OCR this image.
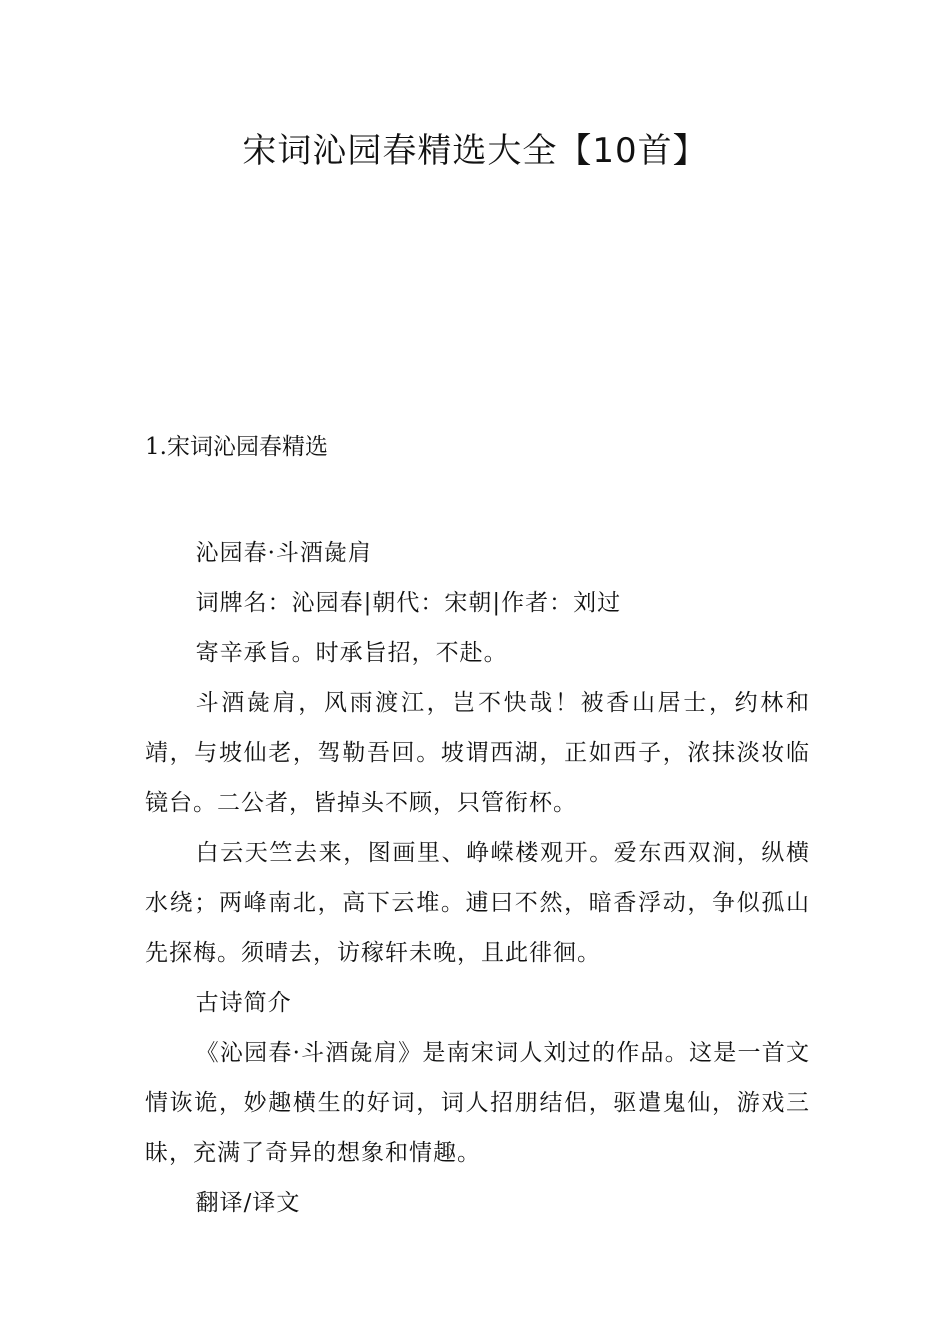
宋词沁园春精选大全【10首】
1.宋词沁园春精选

沁园春·斗酒彘肩

词牌名：沁园春|朝代：宋朝|作者：刘过

寄辛承旨。时承旨招，不赴。

斗酒彘肩，风雨渡江，岂不快哉！被香山居士，约林和靖，与坡仙老，驾勒吾回。坡谓西湖，正如西子，浓抹淡妆临镜台。二公者，皆掉头不顾，只管衔杯。

白云天竺去来，图画里、峥嵘楼观开。爱东西双涧，纵横水绕；两峰南北，高下云堆。逋曰不然，暗香浮动，争似孤山先探梅。须晴去，访稼轩未晚，且此徘徊。

古诗简介

《沁园春·斗酒彘肩》是南宋词人刘过的作品。这是一首文情诙诡，妙趣横生的好词，词人招朋结侣，驱遣鬼仙，游戏三昧，充满了奇异的想象和情趣。

翻译/译文
